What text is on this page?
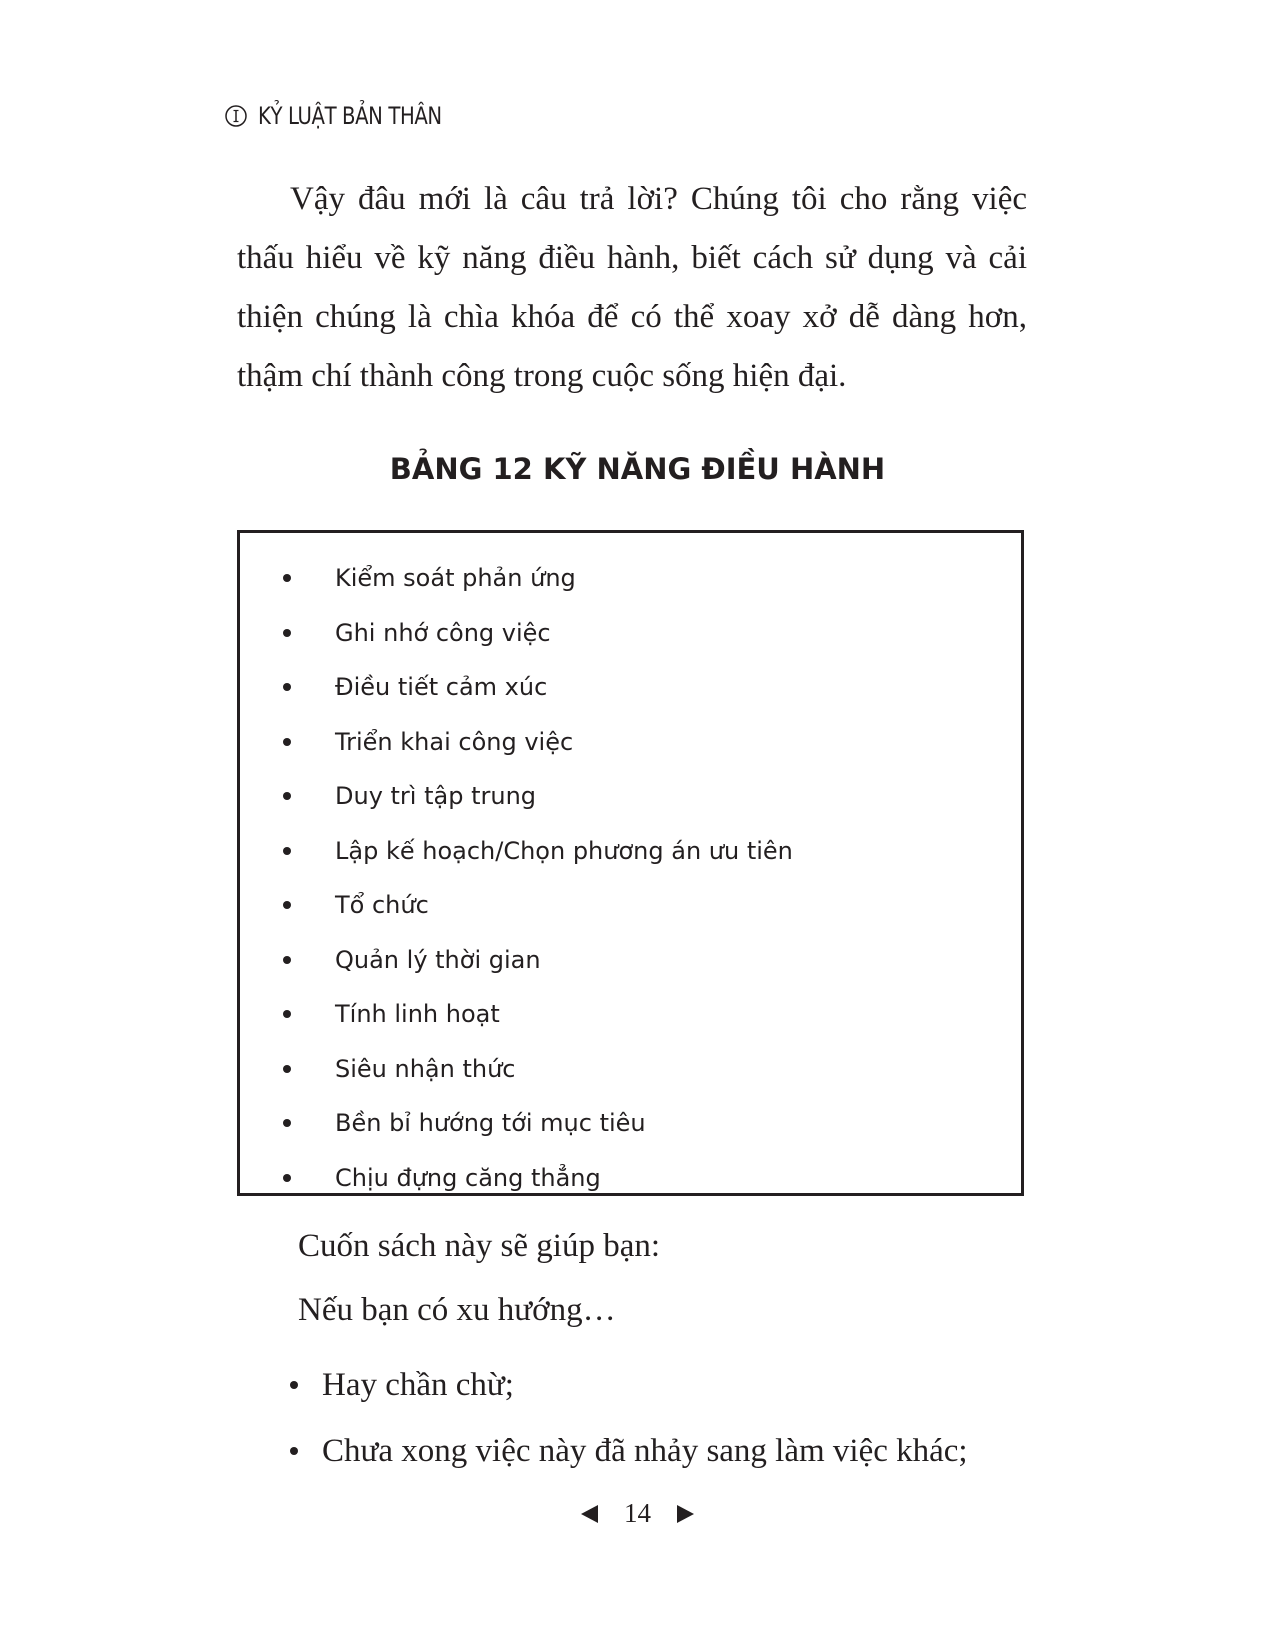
KỶ LUẬT BẢN THÂN

Vậy đâu mới là câu trả lời? Chúng tôi cho rằng việc thấu hiểu về kỹ năng điều hành, biết cách sử dụng và cải thiện chúng là chìa khóa để có thể xoay xở dễ dàng hơn, thậm chí thành công trong cuộc sống hiện đại.

BẢNG 12 KỸ NĂNG ĐIỀU HÀNH
Kiểm soát phản ứng
Ghi nhớ công việc
Điều tiết cảm xúc
Triển khai công việc
Duy trì tập trung
Lập kế hoạch/Chọn phương án ưu tiên
Tổ chức
Quản lý thời gian
Tính linh hoạt
Siêu nhận thức
Bền bỉ hướng tới mục tiêu
Chịu đựng căng thẳng

Cuốn sách này sẽ giúp bạn:

Nếu bạn có xu hướng…

Hay chần chừ;
Chưa xong việc này đã nhảy sang làm việc khác;
14
